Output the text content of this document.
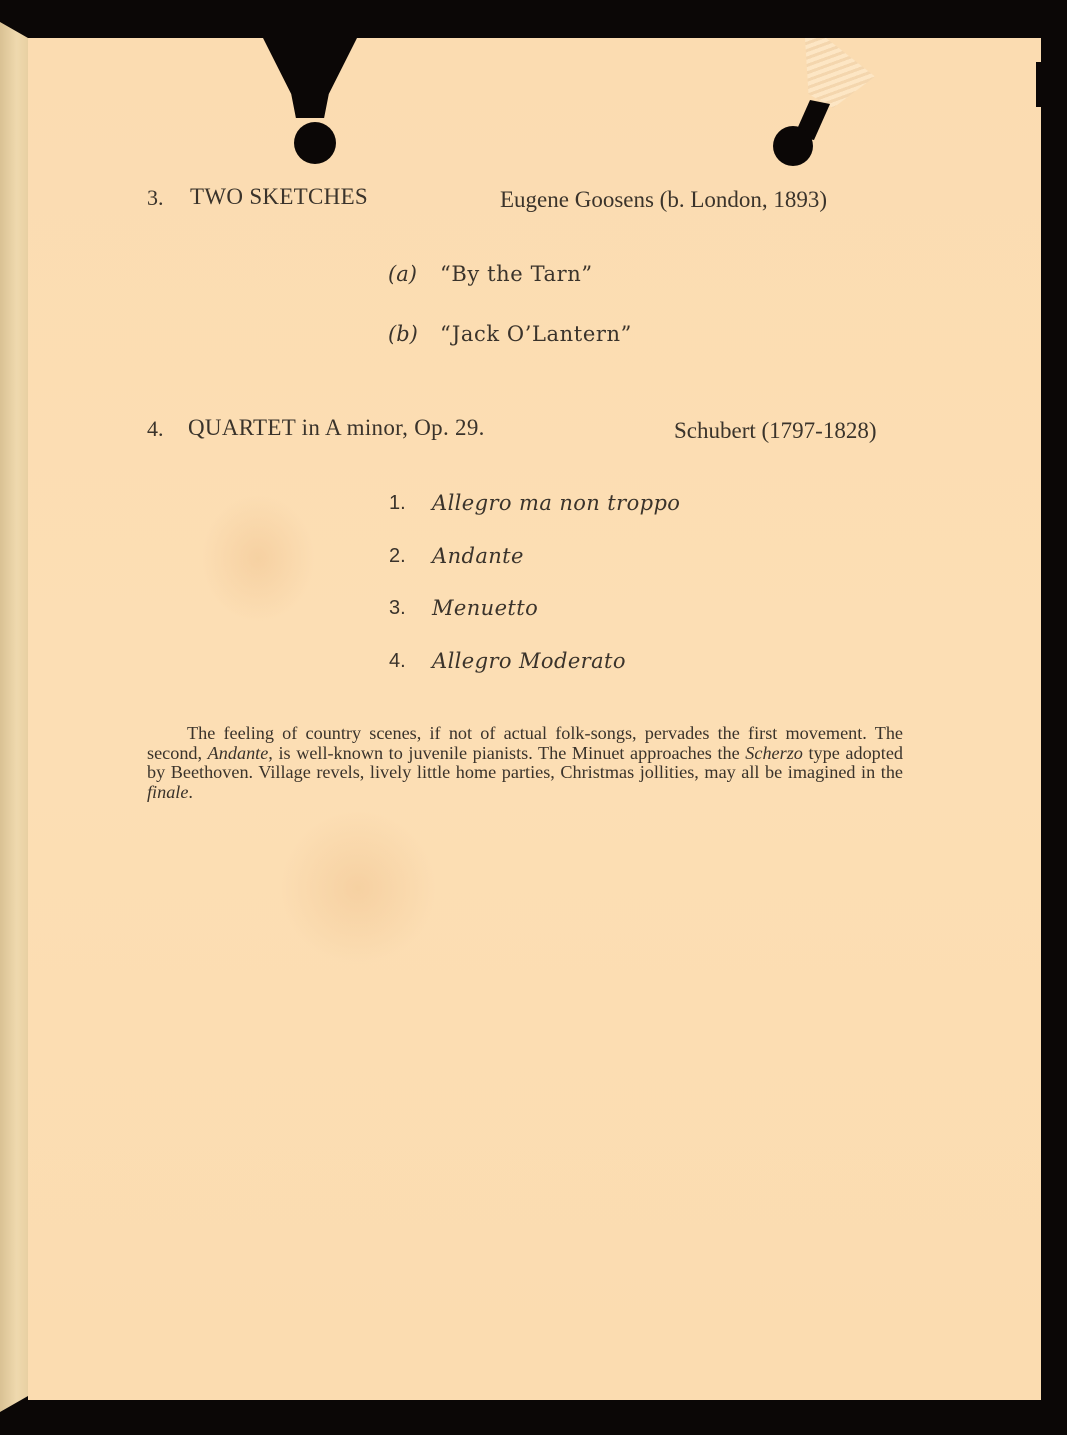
3. TWO SKETCHES	Eugene Goosens (b. London, 1893)
(a) “By the Tarn”
(b) “Jack O’Lantern”
4. QUARTET in A minor, Op. 29.	Schubert (1797-1828)
1. Allegro ma non troppo
2. Andante
3. Menuetto
4. Allegro Moderato
The feeling of country scenes, if not of actual folk-songs, pervades the first movement. The second, Andante, is well-known to juvenile pianists. The Minuet approaches the Scherzo type adopted by Beethoven. Village revels, lively little home parties, Christmas jollities, may all be imagined in the finale.
